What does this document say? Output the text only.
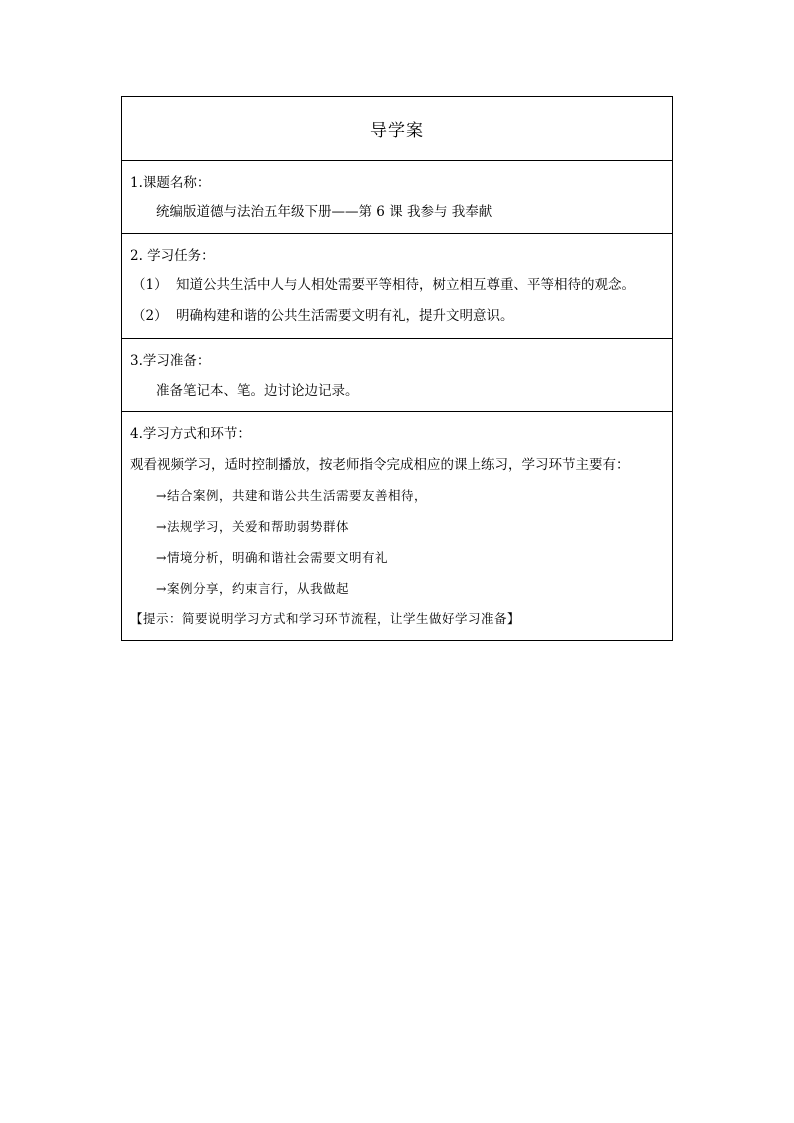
导学案
1.课题名称：
统编版道德与法治五年级下册——第 6 课 我参与 我奉献
2. 学习任务：
（1） 知道公共生活中人与人相处需要平等相待，树立相互尊重、平等相待的观念。
（2） 明确构建和谐的公共生活需要文明有礼，提升文明意识。
3.学习准备：
准备笔记本、笔。边讨论边记录。
4.学习方式和环节：
观看视频学习，适时控制播放，按老师指令完成相应的课上练习，学习环节主要有：
→结合案例，共建和谐公共生活需要友善相待，
→法规学习，关爱和帮助弱势群体
→情境分析，明确和谐社会需要文明有礼
→案例分享，约束言行，从我做起
【提示：简要说明学习方式和学习环节流程，让学生做好学习准备】
